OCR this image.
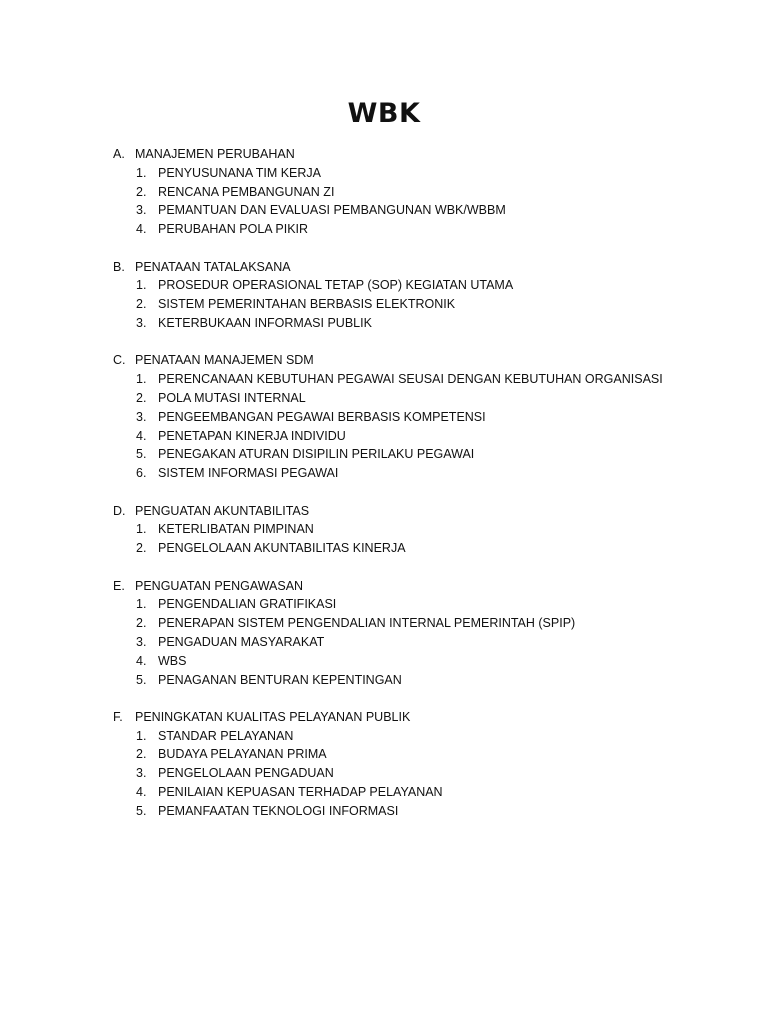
WBK
A. MANAJEMEN PERUBAHAN
1. PENYUSUNANA TIM KERJA
2. RENCANA PEMBANGUNAN ZI
3. PEMANTUAN DAN EVALUASI PEMBANGUNAN WBK/WBBM
4. PERUBAHAN POLA PIKIR
B. PENATAAN TATALAKSANA
1. PROSEDUR OPERASIONAL TETAP (SOP) KEGIATAN UTAMA
2. SISTEM PEMERINTAHAN BERBASIS ELEKTRONIK
3. KETERBUKAAN INFORMASI PUBLIK
C. PENATAAN MANAJEMEN SDM
1. PERENCANAAN KEBUTUHAN PEGAWAI SEUSAI DENGAN KEBUTUHAN ORGANISASI
2. POLA MUTASI INTERNAL
3. PENGEEMBANGAN PEGAWAI BERBASIS KOMPETENSI
4. PENETAPAN KINERJA INDIVIDU
5. PENEGAKAN ATURAN DISIPILIN PERILAKU PEGAWAI
6. SISTEM INFORMASI PEGAWAI
D. PENGUATAN AKUNTABILITAS
1. KETERLIBATAN PIMPINAN
2. PENGELOLAAN AKUNTABILITAS KINERJA
E. PENGUATAN PENGAWASAN
1. PENGENDALIAN GRATIFIKASI
2. PENERAPAN SISTEM PENGENDALIAN INTERNAL PEMERINTAH (SPIP)
3. PENGADUAN MASYARAKAT
4. WBS
5. PENAGANAN BENTURAN KEPENTINGAN
F. PENINGKATAN KUALITAS PELAYANAN PUBLIK
1. STANDAR PELAYANAN
2. BUDAYA PELAYANAN PRIMA
3. PENGELOLAAN PENGADUAN
4. PENILAIAN KEPUASAN TERHADAP PELAYANAN
5. PEMANFAATAN TEKNOLOGI INFORMASI
